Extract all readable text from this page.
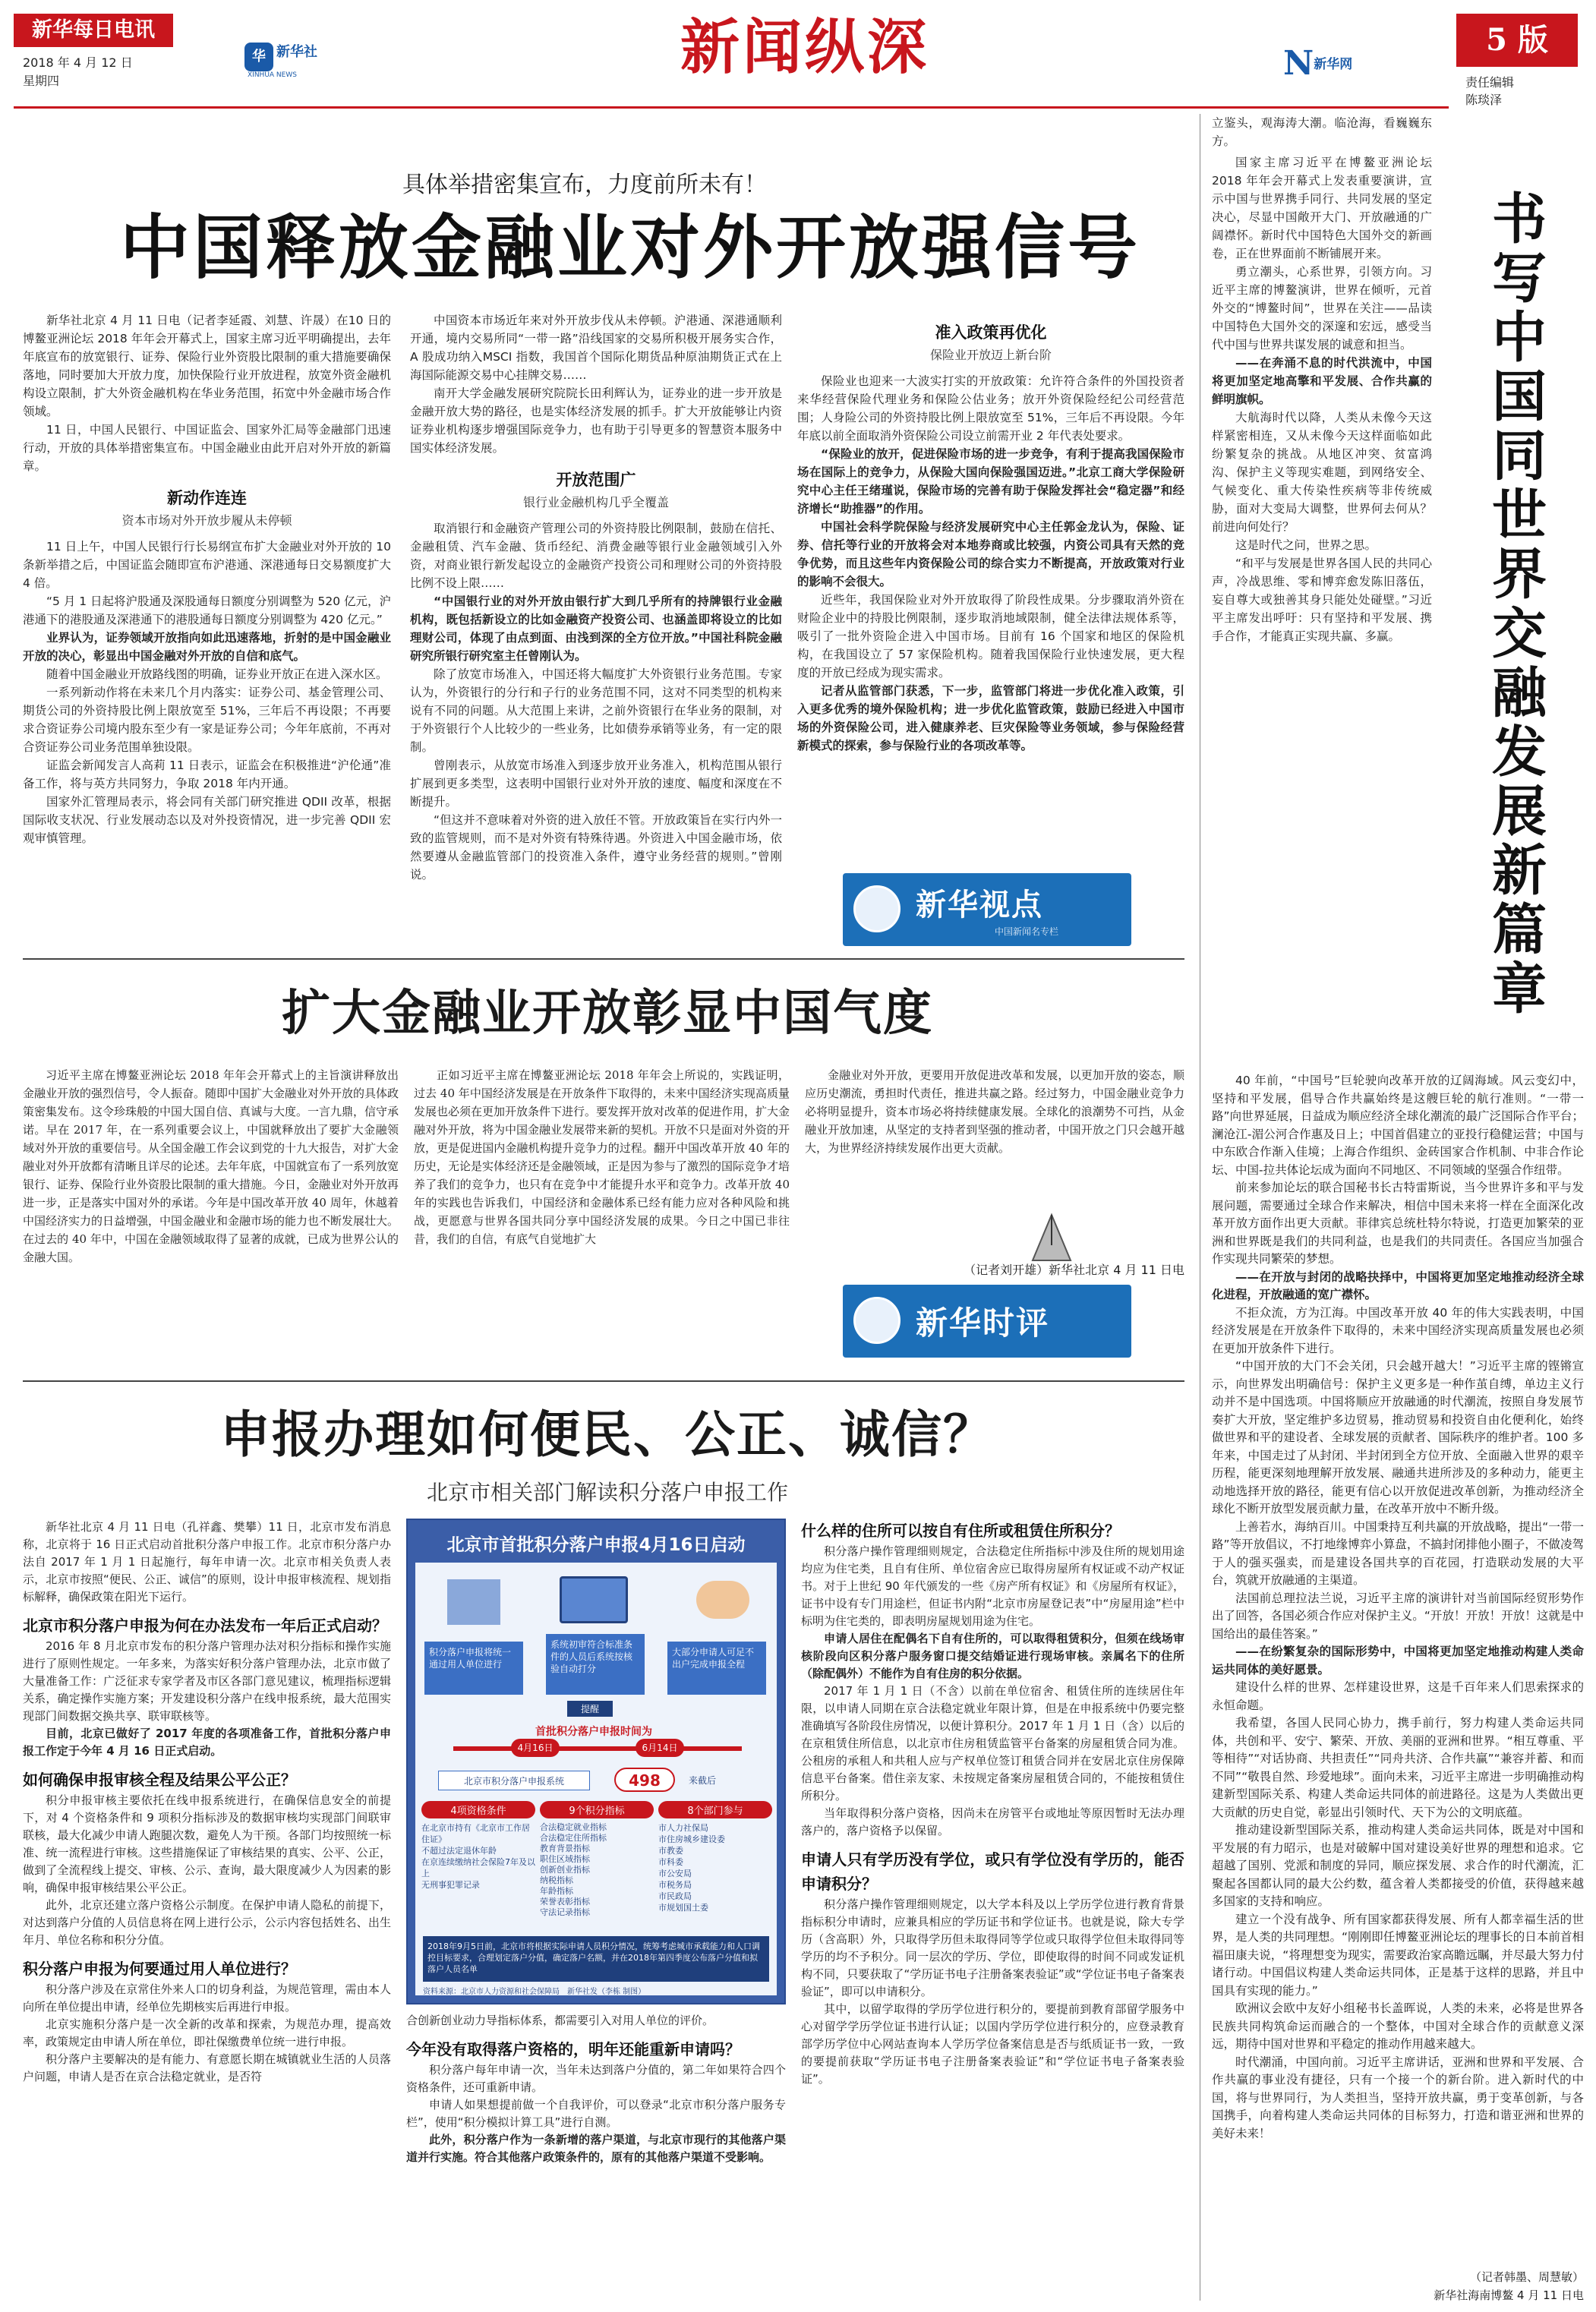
新华每日电讯
2018 年 4 月 12 日
星期四
华 新华社
XINHUA NEWS	新闻纵深	N 新华网
5 版
责任编辑
陈琰泽
具体举措密集宣布，力度前所未有！
中国释放金融业对外开放强信号

新华社北京 4 月 11 日电（记者李延霞、刘慧、许晟）在10 日的博鳌亚洲论坛 2018 年年会开幕式上，国家主席习近平明确提出，去年年底宣布的放宽银行、证券、保险行业外资股比限制的重大措施要确保落地，同时要加大开放力度，加快保险行业开放进程，放宽外资金融机构设立限制，扩大外资金融机构在华业务范围，拓宽中外金融市场合作领域。

11 日，中国人民银行、中国证监会、国家外汇局等金融部门迅速行动，开放的具体举措密集宣布。中国金融业由此开启对外开放的新篇章。

新动作连连
资本市场对外开放步履从未停顿

11 日上午，中国人民银行行长易纲宣布扩大金融业对外开放的 10 条新举措之后，中国证监会随即宣布沪港通、深港通每日交易额度扩大 4 倍。

“5 月 1 日起将沪股通及深股通每日额度分别调整为 520 亿元，沪港通下的港股通及深港通下的港股通每日额度分别调整为 420 亿元。”

业界认为，证券领域开放指向如此迅速落地，折射的是中国金融业开放的决心，彰显出中国金融对外开放的自信和底气。

随着中国金融业开放路线图的明确，证券业开放正在进入深水区。

一系列新动作将在未来几个月内落实：证券公司、基金管理公司、期货公司的外资持股比例上限放宽至 51%，三年后不再设限；不再要求合资证券公司境内股东至少有一家是证券公司；今年年底前，不再对合资证券公司业务范围单独设限。

证监会新闻发言人高莉 11 日表示，证监会在积极推进“沪伦通”准备工作，将与英方共同努力，争取 2018 年内开通。

国家外汇管理局表示，将会同有关部门研究推进 QDII 改革，根据国际收支状况、行业发展动态以及对外投资情况，进一步完善 QDII 宏观审慎管理。

中国资本市场近年来对外开放步伐从未停顿。沪港通、深港通顺利开通，境内交易所同“一带一路”沿线国家的交易所积极开展务实合作，A 股成功纳入MSCI 指数，我国首个国际化期货品种原油期货正式在上海国际能源交易中心挂牌交易……

南开大学金融发展研究院院长田利辉认为，证券业的进一步开放是金融开放大势的路径，也是实体经济发展的抓手。扩大开放能够让内资证券业机构逐步增强国际竞争力，也有助于引导更多的智慧资本服务中国实体经济发展。

开放范围广
银行业金融机构几乎全覆盖

取消银行和金融资产管理公司的外资持股比例限制，鼓励在信托、金融租赁、汽车金融、货币经纪、消费金融等银行业金融领域引入外资，对商业银行新发起设立的金融资产投资公司和理财公司的外资持股比例不设上限……

“中国银行业的对外开放由银行扩大到几乎所有的持牌银行业金融机构，既包括新设立的比如金融资产投资公司、也涵盖即将设立的比如理财公司，体现了由点到面、由浅到深的全方位开放。”中国社科院金融研究所银行研究室主任曾刚认为。

除了放宽市场准入，中国还将大幅度扩大外资银行业务范围。专家认为，外资银行的分行和子行的业务范围不同，这对不同类型的机构来说有不同的问题。从大范围上来讲，之前外资银行在华业务的限制，对于外资银行个人比较少的一些业务，比如债券承销等业务，有一定的限制。

曾刚表示，从放宽市场准入到逐步放开业务准入，机构范围从银行扩展到更多类型，这表明中国银行业对外开放的速度、幅度和深度在不断提升。

“但这并不意味着对外资的进入放任不管。开放政策旨在实行内外一致的监管规则，而不是对外资有特殊待遇。外资进入中国金融市场，依然要遵从金融监管部门的投资准入条件，遵守业务经营的规则。”曾刚说。

准入政策再优化
保险业开放迈上新台阶

保险业也迎来一大波实打实的开放政策：允许符合条件的外国投资者来华经营保险代理业务和保险公估业务；放开外资保险经纪公司经营范围；人身险公司的外资持股比例上限放宽至 51%，三年后不再设限。今年年底以前全面取消外资保险公司设立前需开业 2 年代表处要求。

“保险业的放开，促进保险市场的进一步竞争，有利于提高我国保险市场在国际上的竞争力，从保险大国向保险强国迈进。”北京工商大学保险研究中心主任王绪瑾说，保险市场的完善有助于保险发挥社会“稳定器”和经济增长“助推器”的作用。

中国社会科学院保险与经济发展研究中心主任郭金龙认为，保险、证券、信托等行业的开放将会对本地券商或比较强，内资公司具有天然的竞争优势，而且这些年内资保险公司的综合实力不断提高，开放政策对行业的影响不会很大。

近些年，我国保险业对外开放取得了阶段性成果。分步骤取消外资在财险企业中的持股比例限制，逐步取消地域限制，健全法律法规体系等，吸引了一批外资险企进入中国市场。目前有 16 个国家和地区的保险机构，在我国设立了 57 家保险机构。随着我国保险行业快速发展，更大程度的开放已经成为现实需求。

记者从监管部门获悉，下一步，监管部门将进一步优化准入政策，引入更多优秀的境外保险机构；进一步优化监管政策，鼓励已经进入中国市场的外资保险公司，进入健康养老、巨灾保险等业务领域，参与保险经营新模式的探索，参与保险行业的各项改革等。

新华视点
中国新闻名专栏
扩大金融业开放彰显中国气度
习近平主席在博鳌亚洲论坛 2018 年年会开幕式上的主旨演讲释放出金融业开放的强烈信号，令人振奋。随即中国扩大金融业对外开放的具体政策密集发布。这令珍珠般的中国大国自信、真诚与大度。一言九鼎，信守承诺。早在 2017 年，在一系列重要会议上，中国就释放出了要扩大金融领域对外开放的重要信号。从全国金融工作会议到党的十九大报告，对扩大金融业对外开放都有清晰且详尽的论述。去年年底，中国就宣布了一系列放宽银行、证券、保险行业外资股比限制的重大措施。今日，金融业对外开放再进一步，正是落实中国对外的承诺。今年是中国改革开放 40 周年，休越着中国经济实力的日益增强，中国金融业和金融市场的能力也不断发展壮大。在过去的 40 年中，中国在金融领域取得了显著的成就，已成为世界公认的金融大国。
正如习近平主席在博鳌亚洲论坛 2018 年年会上所说的，实践证明，过去 40 年中国经济发展是在开放条件下取得的，未来中国经济实现高质量发展也必须在更加开放条件下进行。要发挥开放对改革的促进作用，扩大金融对外开放，将为中国金融业发展带来新的契机。开放不只是面对外资的开放，更是促进国内金融机构提升竞争力的过程。翻开中国改革开放 40 年的历史，无论是实体经济还是金融领域，正是因为参与了激烈的国际竞争才培养了我们的竞争力，也只有在竞争中才能提升水平和竞争力。改革开放 40 年的实践也告诉我们，中国经济和金融体系已经有能力应对各种风险和挑战，更愿意与世界各国共同分享中国经济发展的成果。今日之中国已非往昔，我们的自信，有底气自觉地扩大
金融业对外开放，更要用开放促进改革和发展，以更加开放的姿态，顺应历史潮流，勇担时代责任，推进共赢之路。经过努力，中国金融业竞争力必将明显提升，资本市场必将持续健康发展。全球化的浪潮势不可挡，从金融业开放加速，从坚定的支持者到坚强的推动者，中国开放之门只会越开越大，为世界经济持续发展作出更大贡献。
（记者刘开雄）新华社北京 4 月 11 日电
新华时评
申报办理如何便民、公正、诚信？
北京市相关部门解读积分落户申报工作

新华社北京 4 月 11 日电（孔祥鑫、樊攀）11 日，北京市发布消息称，北京将于 16 日正式启动首批积分落户申报工作。北京市积分落户办法自 2017 年 1 月 1 日起施行，每年申请一次。北京市相关负责人表示，北京市按照“便民、公正、诚信”的原则，设计申报审核流程、规划指标解释，确保政策在阳光下运行。

北京市积分落户申报为何在办法发布一年后正式启动？

2016 年 8 月北京市发布的积分落户管理办法对积分指标和操作实施进行了原则性规定。一年多来，为落实好积分落户管理办法，北京市做了大量准备工作：广泛征求专家学者及市区各部门意见建议，梳理指标逻辑关系，确定操作实施方案；开发建设积分落户在线申报系统，最大范围实现部门间数据交换共享、联审联核等。

目前，北京已做好了 2017 年度的各项准备工作，首批积分落户申报工作定于今年 4 月 16 日正式启动。

如何确保申报审核全程及结果公平公正？

积分申报审核主要依托在线申报系统进行，在确保信息安全的前提下，对 4 个资格条件和 9 项积分指标涉及的数据审核均实现部门间联审联核，最大化减少申请人跑腿次数，避免人为干预。各部门均按照统一标准、统一流程进行审核。这些措施保证了审核结果的真实、公平、公正，做到了全流程线上提交、审核、公示、查询，最大限度减少人为因素的影响，确保申报审核结果公平公正。

此外，北京还建立落户资格公示制度。在保护申请人隐私的前提下，对达到落户分值的人员信息将在网上进行公示，公示内容包括姓名、出生年月、单位名称和积分分值。

积分落户申报为何要通过用人单位进行？

积分落户涉及在京常住外来人口的切身利益，为规范管理，需由本人向所在单位提出申请，经单位先期核实后再进行申报。

北京实施积分落户是一次全新的改革和探索，为规范办理，提高效率，政策规定由申请人所在单位，即社保缴费单位统一进行申报。

积分落户主要解决的是有能力、有意愿长期在城镇就业生活的人员落户问题，申请人是否在京合法稳定就业，是否符

北京市首批积分落户申报4月16日启动
积分落户申报将统一通过用人单位进行
系统初审符合标准条件的人员后系统按核验自动打分
大部分申请人可足不出户完成申报全程
提醒
首批积分落户申报时间为
4月16日	6月14日
北京市积分落户申报系统	498	来截后
4项资格条件
在北京市持有《北京市工作居住证》
不超过法定退休年龄
在京连续缴纳社会保险7年及以上
无刑事犯罪记录
9个积分指标
合法稳定就业指标
合法稳定住所指标
教育背景指标
职住区域指标
创新创业指标
纳税指标
年龄指标
荣誉表彰指标
守法记录指标
8个部门参与
市人力社保局
市住房城乡建设委
市教委
市科委
市公安局
市税务局
市民政局
市规划国土委
2018年9月5日前，北京市将根据实际申请人员积分情况，统筹考虑城市承载能力和人口调控目标要求，合理划定落户分值，确定落户名额，并在2018年第四季度公布落户分值和拟落户人员名单
资料来源：北京市人力资源和社会保障局　新华社发（李栋 制图）

合创新创业动力导指标体系，都需要引入对用人单位的评价。

今年没有取得落户资格的，明年还能重新申请吗？

积分落户每年申请一次，当年未达到落户分值的，第二年如果符合四个资格条件，还可重新申请。

申请人如果想提前做一个自我评价，可以登录“北京市积分落户服务专栏”，使用“积分模拟计算工具”进行自测。

此外，积分落户作为一条新增的落户渠道，与北京市现行的其他落户渠道并行实施。符合其他落户政策条件的，原有的其他落户渠道不受影响。

什么样的住所可以按自有住所或租赁住所积分？

积分落户操作管理细则规定，合法稳定住所指标中涉及住所的规划用途均应为住宅类，且自有住所、单位宿舍应已取得房屋所有权证或不动产权证书。对于上世纪 90 年代颁发的一些《房产所有权证》和《房屋所有权证》，证书中设有专门用途栏，但证书内附“北京市房屋登记表”中“房屋用途”栏中标明为住宅类的，即表明房屋规划用途为住宅。

申请人居住在配偶名下自有住所的，可以取得租赁积分，但须在线场审核阶段向区积分落户服务窗口提交结婚证进行现场审核。亲属名下的住所（除配偶外）不能作为自有住房的积分依据。

2017 年 1 月 1 日（不含）以前在单位宿舍、租赁住所的连续居住年限，以申请人同期在京合法稳定就业年限计算，但是在申报系统中仍要完整准确填写各阶段住房情况，以便计算积分。2017 年 1 月 1 日（含）以后的在京租赁住所信息，以北京市住房租赁监管平台备案的房屋租赁合同为准。公租房的承租人和共租人应与产权单位签订租赁合同并在安居北京住房保障信息平台备案。借住亲友家、未按规定备案房屋租赁合同的，不能按租赁住所积分。

当年取得积分落户资格，因尚未在房管平台或地址等原因暂时无法办理落户的，落户资格予以保留。

申请人只有学历没有学位，或只有学位没有学历的，能否申请积分？

积分落户操作管理细则规定，以大学本科及以上学历学位进行教育背景指标积分申请时，应兼具相应的学历证书和学位证书。也就是说，除大专学历（含高职）外，只取得学历但未取得同等学位或只取得学位但未取得同等学历的均不予积分。同一层次的学历、学位，即使取得的时间不同或发证机构不同，只要获取了“学历证书电子注册备案表验证”或“学位证书电子备案表验证”，即可以申请积分。

其中，以留学取得的学历学位进行积分的，要提前到教育部留学服务中心对留学学历学位证书进行认证；以国内学历学位进行积分的，应登录教育部学历学位中心网站查询本人学历学位备案信息是否与纸质证书一致，一致的要提前获取“学历证书电子注册备案表验证”和“学位证书电子备案表验证”。

立鉴头，观海涛大潮。临沧海，看巍巍东方。

书写中国同世界交融发展新篇章

国家主席习近平在博鳌亚洲论坛 2018 年年会开幕式上发表重要演讲，宣示中国与世界携手同行、共同发展的坚定决心，尽显中国敞开大门、开放融通的广阔襟怀。新时代中国特色大国外交的新画卷，正在世界面前不断铺展开来。

勇立潮头，心系世界，引领方向。习近平主席的博鳌演讲，世界在倾听，元首外交的“博鳌时间”，世界在关注——品读中国特色大国外交的深邃和宏远，感受当代中国与世界共谋发展的诚意和担当。

——在奔涌不息的时代洪流中，中国将更加坚定地高擎和平发展、合作共赢的鲜明旗帜。

大航海时代以降，人类从未像今天这样紧密相连，又从未像今天这样面临如此纷繁复杂的挑战。从地区冲突、贫富鸿沟、保护主义等现实难题，到网络安全、气候变化、重大传染性疾病等非传统威胁，面对大变局大调整，世界何去何从？前进向何处行？

这是时代之问，世界之思。

“和平与发展是世界各国人民的共同心声，冷战思维、零和博弈愈发陈旧落伍，妄自尊大或独善其身只能处处碰壁。”习近平主席发出呼吁：只有坚持和平发展、携手合作，才能真正实现共赢、多赢。

40 年前，“中国号”巨轮驶向改革开放的辽阔海域。风云变幻中，坚持和平发展，倡导合作共赢始终是这艘巨轮的航行准则。“一带一路”向世界延展，日益成为顺应经济全球化潮流的最广泛国际合作平台；澜沧江-湄公河合作惠及日上；中国首倡建立的亚投行稳健运营；中国与中东欧合作渐入佳境；上海合作组织、金砖国家合作机制、中非合作论坛、中国-拉共体论坛成为面向不同地区、不同领域的坚强合作纽带。

前来参加论坛的联合国秘书长古特雷斯说，当今世界许多和平与发展问题，需要通过全球合作来解决，相信中国未来将一样在全面深化改革开放方面作出更大贡献。菲律宾总统杜特尔特说，打造更加繁荣的亚洲和世界既是我们的共同利益，也是我们的共同责任。各国应当加强合作实现共同繁荣的梦想。

——在开放与封闭的战略抉择中，中国将更加坚定地推动经济全球化进程，开放融通的宽广襟怀。

不拒众流，方为江海。中国改革开放 40 年的伟大实践表明，中国经济发展是在开放条件下取得的，未来中国经济实现高质量发展也必须在更加开放条件下进行。

“中国开放的大门不会关闭，只会越开越大！”习近平主席的铿锵宣示，向世界发出明确信号：保护主义更多是一种作茧自缚，单边主义行动并不是中国选项。中国将顺应开放融通的时代潮流，按照自身发展节奏扩大开放，坚定维护多边贸易，推动贸易和投资自由化便利化，始终做世界和平的建设者、全球发展的贡献者、国际秩序的维护者。100 多年来，中国走过了从封闭、半封闭到全方位开放、全面融入世界的艰辛历程，能更深刻地理解开放发展、融通共进所涉及的多种动力，能更主动地选择开放的路径，能更有信心以开放促进改革创新，为推动经济全球化不断开放型发展贡献力量，在改革开放中不断升级。

上善若水，海纳百川。中国秉持互利共赢的开放战略，提出“一带一路”等开放倡议，不打地缘博弈小算盘，不搞封闭排他小圈子，不做凌驾于人的强买强卖，而是建设各国共享的百花园，打造联动发展的大平台，筑就开放融通的主渠道。

法国前总理拉法兰说，习近平主席的演讲针对当前国际经贸形势作出了回答，各国必须合作应对保护主义。“开放！开放！开放！这就是中国给出的最佳答案。”

——在纷繁复杂的国际形势中，中国将更加坚定地推动构建人类命运共同体的美好愿景。

建设什么样的世界、怎样建设世界，这是千百年来人们思索探求的永恒命题。

我希望，各国人民同心协力，携手前行，努力构建人类命运共同体，共创和平、安宁、繁荣、开放、美丽的亚洲和世界。“相互尊重、平等相待”“对话协商、共担责任”“同舟共济、合作共赢”“兼容并蓄、和而不同”“敬畏自然、珍爱地球”。面向未来，习近平主席进一步明确推动构建新型国际关系、构建人类命运共同体的前进路径。这是为人类做出更大贡献的历史自觉，彰显出引领时代、天下为公的文明底蕴。

推动建设新型国际关系，推动构建人类命运共同体，既是对中国和平发展的有力昭示，也是对破解中国对建设美好世界的理想和追求。它超越了国别、党派和制度的异同，顺应探发展、求合作的时代潮流，汇聚起各国都认同的最大公约数，蕴含着人类都接受的价值，获得越来越多国家的支持和响应。

建立一个没有战争、所有国家都获得发展、所有人都幸福生活的世界，是人类的共同理想。“刚刚即任博鳌亚洲论坛的理事长的日本前首相福田康夫说，“将理想变为现实，需要政治家高瞻远瞩，并尽最大努力付诸行动。中国倡议构建人类命运共同体，正是基于这样的思路，并且中国具有实现的能力。”

欧洲议会欧中友好小组秘书长盖晖说，人类的未来，必将是世界各民族共同构筑命运而融合的一个整体，中国对全球合作的贡献意义深远，期待中国对世界和平稳定的推动作用越来越大。

时代潮涌，中国向前。习近平主席讲话，亚洲和世界和平发展、合作共赢的事业没有捷径，只有一个接一个的新台阶。进入新时代的中国，将与世界同行，为人类担当，坚持开放共赢，勇于变革创新，与各国携手，向着构建人类命运共同体的目标努力，打造和谐亚洲和世界的美好未来！

（记者韩墨、周慧敏）
新华社海南博鳌 4 月 11 日电
